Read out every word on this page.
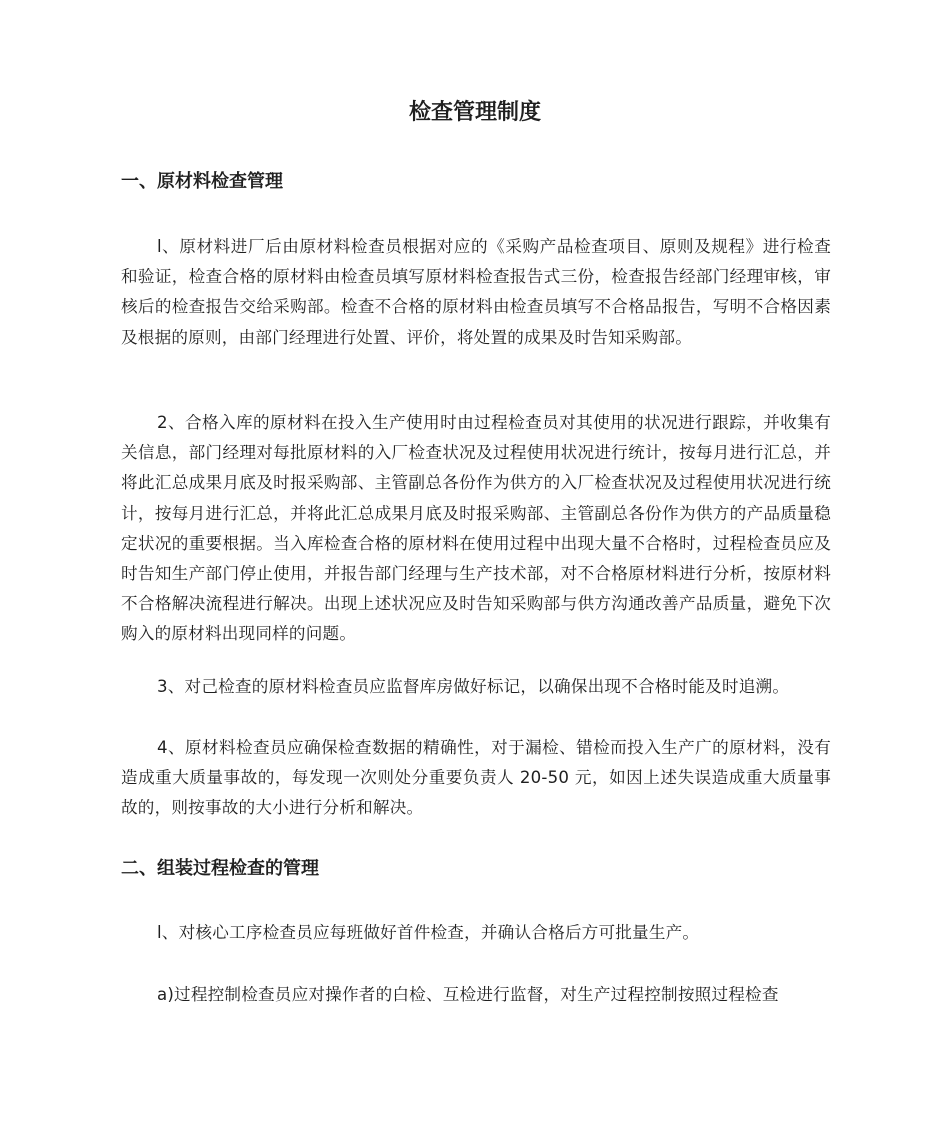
检查管理制度
一、原材料检查管理

l、原材料进厂后由原材料检查员根据对应的《采购产品检查项目、原则及规程》进行检查和验证，检查合格的原材料由检查员填写原材料检查报告式三份，检查报告经部门经理审核，审核后的检查报告交给采购部。检查不合格的原材料由检查员填写不合格品报告，写明不合格因素及根据的原则，由部门经理进行处置、评价，将处置的成果及时告知采购部。

2、合格入库的原材料在投入生产使用时由过程检查员对其使用的状况进行跟踪，并收集有关信息，部门经理对每批原材料的入厂检查状况及过程使用状况进行统计，按每月进行汇总，并将此汇总成果月底及时报采购部、主管副总各份作为供方的入厂检查状况及过程使用状况进行统计，按每月进行汇总，并将此汇总成果月底及时报采购部、主管副总各份作为供方的产品质量稳定状况的重要根据。当入库检查合格的原材料在使用过程中出现大量不合格时，过程检查员应及时告知生产部门停止使用，并报告部门经理与生产技术部，对不合格原材料进行分析，按原材料不合格解决流程进行解决。出现上述状况应及时告知采购部与供方沟通改善产品质量，避免下次购入的原材料出现同样的问题。

3、对己检查的原材料检查员应监督库房做好标记，以确保出现不合格时能及时追溯。

4、原材料检查员应确保检查数据的精确性，对于漏检、错检而投入生产广的原材料，没有造成重大质量事故的，每发现一次则处分重要负责人 20-50 元，如因上述失误造成重大质量事故的，则按事故的大小进行分析和解决。

二、组装过程检查的管理

l、对核心工序检查员应每班做好首件检查，并确认合格后方可批量生产。

a)过程控制检查员应对操作者的白检、互检进行监督，对生产过程控制按照过程检查
